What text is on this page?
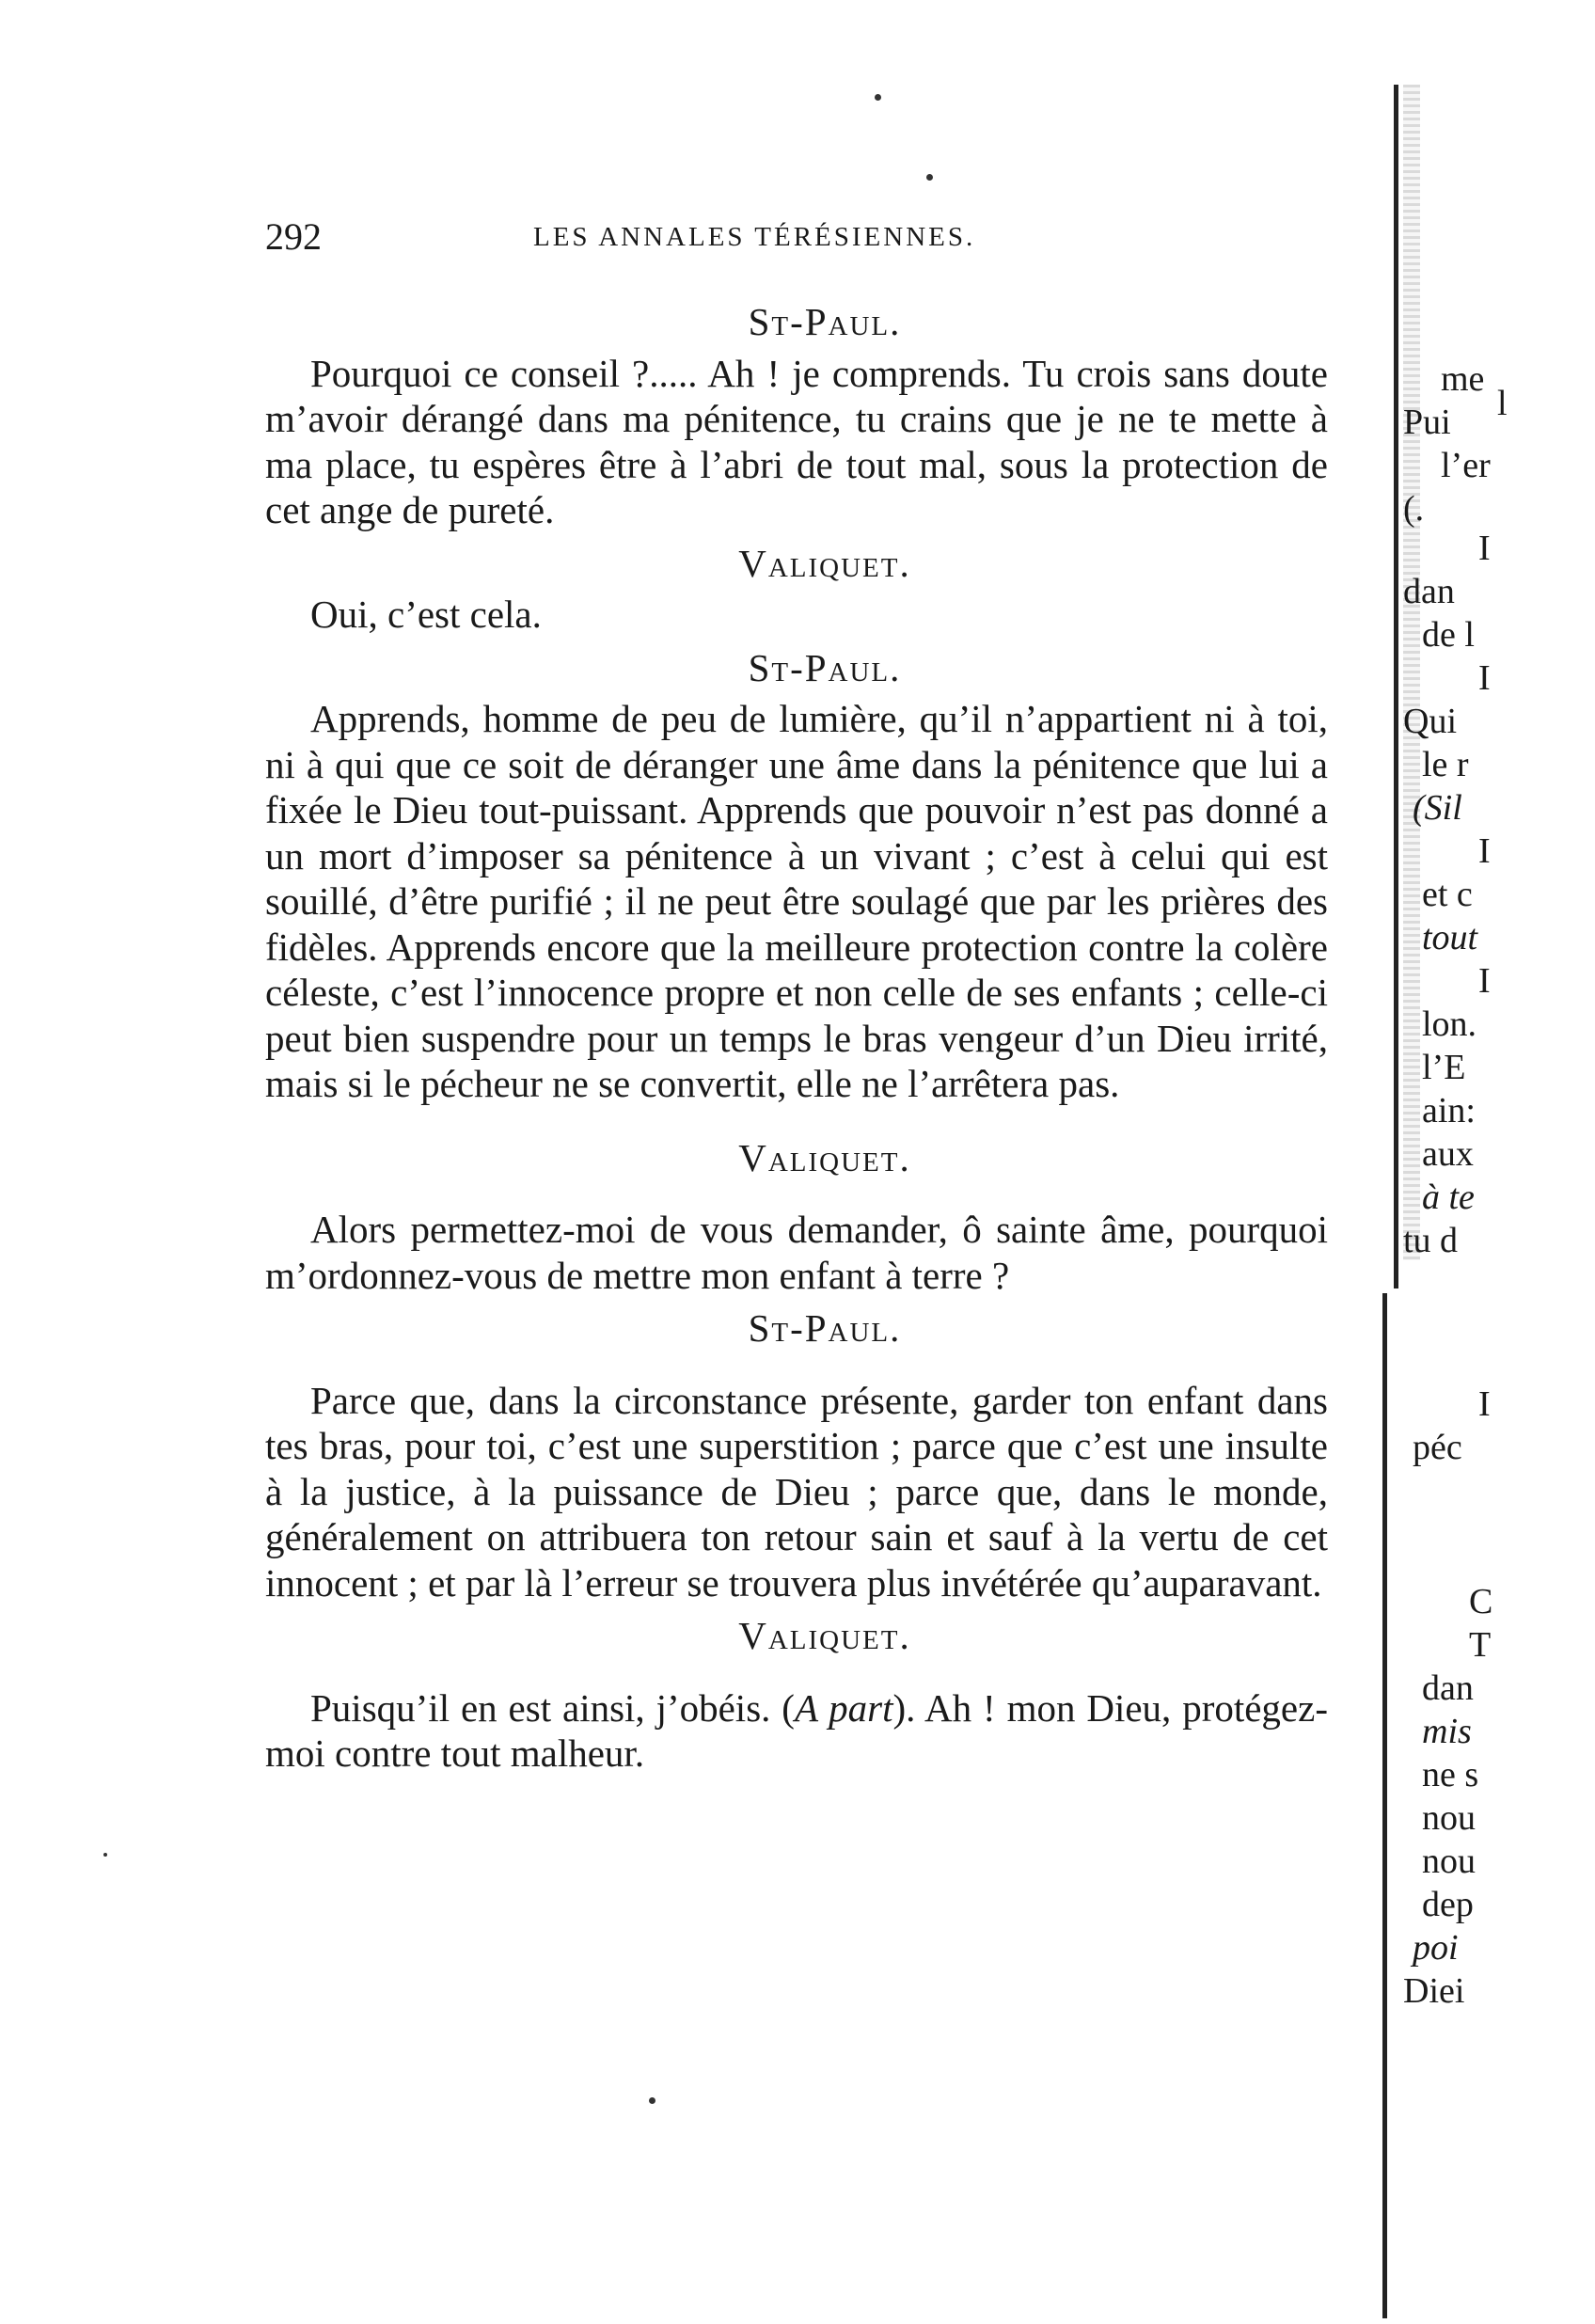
292	LES ANNALES TÉRÉSIENNES.
St-Paul.

Pourquoi ce conseil ?..... Ah ! je comprends. Tu crois sans doute m’avoir dérangé dans ma pénitence, tu crains que je ne te mette à ma place, tu espères être à l’abri de tout mal, sous la protection de cet ange de pureté.

Valiquet.

Oui, c’est cela.

St-Paul.

Apprends, homme de peu de lumière, qu’il n’appartient ni à toi, ni à qui que ce soit de déranger une âme dans la pénitence que lui a fixée le Dieu tout-puissant. Apprends que pouvoir n’est pas donné a un mort d’imposer sa pénitence à un vivant ; c’est à celui qui est souillé, d’être purifié ; il ne peut être soulagé que par les prières des fidèles. Apprends encore que la meilleure protection contre la colère céleste, c’est l’innocence propre et non celle de ses enfants ; celle-ci peut bien suspendre pour un temps le bras vengeur d’un Dieu irrité, mais si le pécheur ne se convertit, elle ne l’arrêtera pas.

Valiquet.

Alors permettez-moi de vous demander, ô sainte âme, pourquoi m’ordonnez-vous de mettre mon enfant à terre ?

St-Paul.

Parce que, dans la circonstance présente, garder ton enfant dans tes bras, pour toi, c’est une superstition ; parce que c’est une insulte à la justice, à la puissance de Dieu ; parce que, dans le monde, généralement on attribuera ton retour sain et sauf à la vertu de cet innocent ; et par là l’erreur se trouvera plus invétérée qu’auparavant.

Valiquet.

Puisqu’il en est ainsi, j’obéis. (A part). Ah ! mon Dieu, protégez-moi contre tout malheur.

l
me
Pui
l’er
(.
I
dan
de l
I
Qui
le r
(Sil
I
et c
tout
I
lon.
l’E
ain:
aux
à te
tu d
I
péc
C
T
dan
mis
ne s
nou
nou
dep
poi
Diei
